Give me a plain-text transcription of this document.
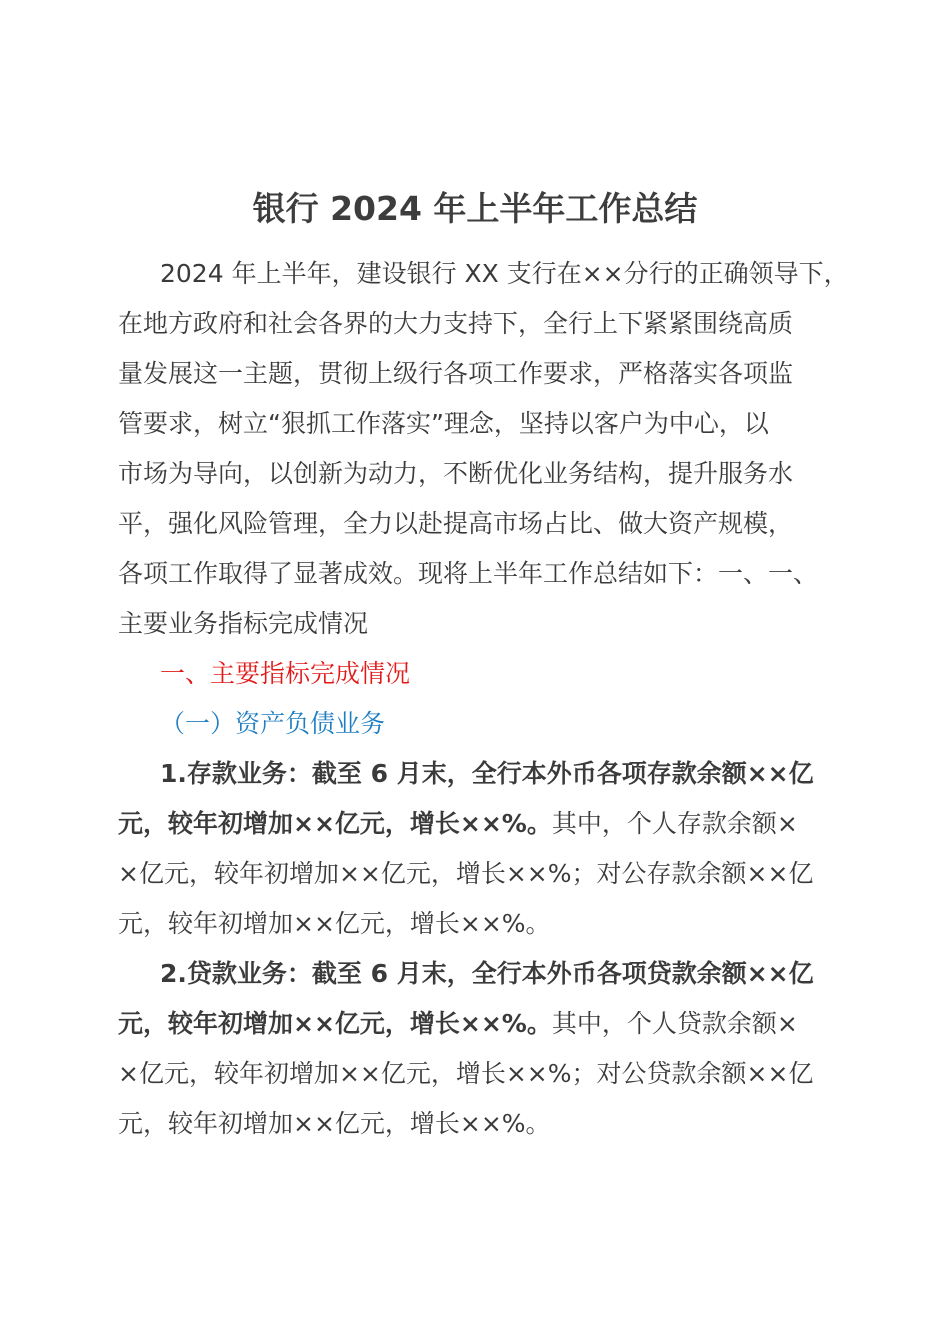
银行 2024 年上半年工作总结

2024 年上半年，建设银行 XX 支行在××分行的正确领导下，

在地方政府和社会各界的大力支持下，全行上下紧紧围绕高质

量发展这一主题，贯彻上级行各项工作要求，严格落实各项监

管要求，树立“狠抓工作落实”理念，坚持以客户为中心，以

市场为导向，以创新为动力，不断优化业务结构，提升服务水

平，强化风险管理，全力以赴提高市场占比、做大资产规模，

各项工作取得了显著成效。现将上半年工作总结如下：一、一、

主要业务指标完成情况

一、主要指标完成情况

（一）资产负债业务

1.存款业务：截至 6 月末，全行本外币各项存款余额××亿

元，较年初增加××亿元，增长××%。其中，个人存款余额×

×亿元，较年初增加××亿元，增长××%；对公存款余额××亿

元，较年初增加××亿元，增长××%。

2.贷款业务：截至 6 月末，全行本外币各项贷款余额××亿

元，较年初增加××亿元，增长××%。其中，个人贷款余额×

×亿元，较年初增加××亿元，增长××%；对公贷款余额××亿

元，较年初增加××亿元，增长××%。
